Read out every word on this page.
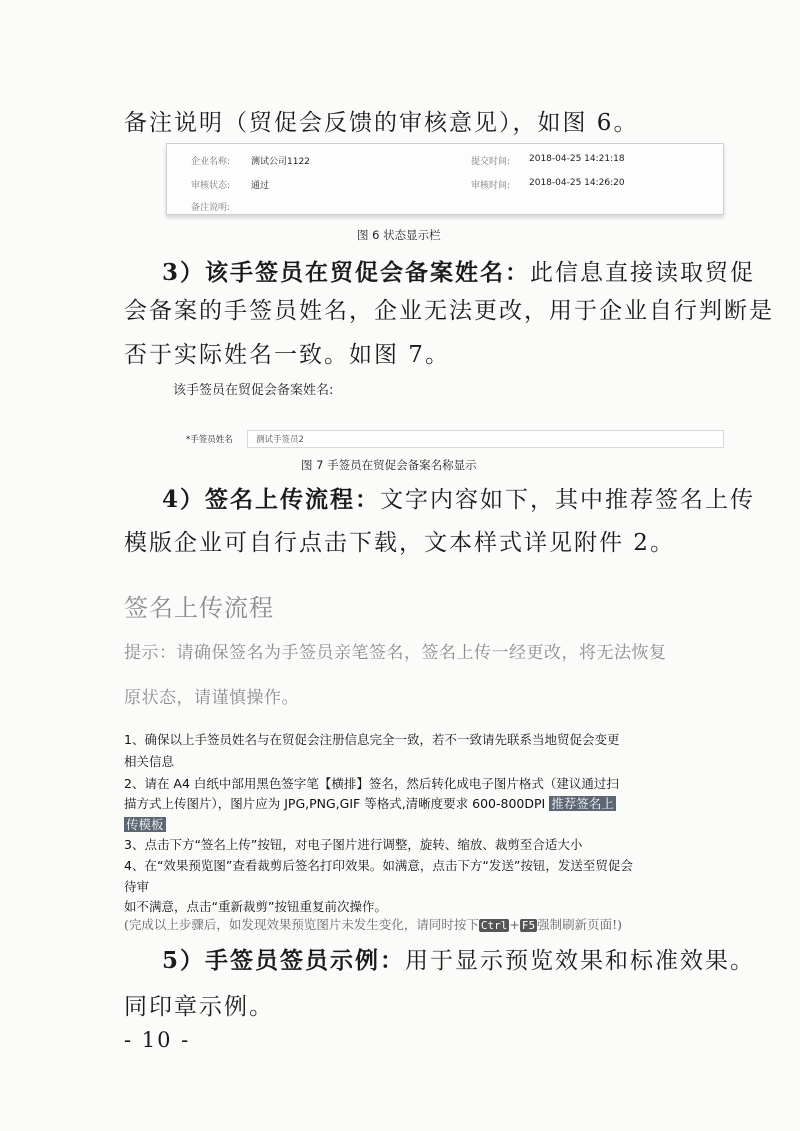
备注说明（贸促会反馈的审核意见），如图 6。

企业名称: 测试公司1122	提交时间: 2018-04-25 14:21:18
审核状态: 通过	审核时间: 2018-04-25 14:26:20
备注说明:

图 6 状态显示栏

3）该手签员在贸促会备案姓名：此信息直接读取贸促

会备案的手签员姓名，企业无法更改，用于企业自行判断是

否于实际姓名一致。如图 7。

该手签员在贸促会备案姓名:

*手签员姓名	测试手签员2

图 7 手签员在贸促会备案名称显示

4）签名上传流程：文字内容如下，其中推荐签名上传

模版企业可自行点击下载，文本样式详见附件 2。

签名上传流程

提示：请确保签名为手签员亲笔签名，签名上传一经更改，将无法恢复

原状态，请谨慎操作。

1、确保以上手签员姓名与在贸促会注册信息完全一致，若不一致请先联系当地贸促会变更

相关信息

2、请在 A4 白纸中部用黑色签字笔【横排】签名，然后转化成电子图片格式（建议通过扫

描方式上传图片），图片应为 JPG,PNG,GIF 等格式,清晰度要求 600-800DPI 推荐签名上

传模板

3、点击下方“签名上传”按钮，对电子图片进行调整，旋转、缩放、裁剪至合适大小

4、在“效果预览图”查看裁剪后签名打印效果。如满意，点击下方“发送”按钮，发送至贸促会

待审

如不满意，点击“重新裁剪”按钮重复前次操作。

(完成以上步骤后，如发现效果预览图片未发生变化，请同时按下 Ctrl + F5 强制刷新页面!)

5）手签员签员示例：用于显示预览效果和标准效果。

同印章示例。

- 10 -
